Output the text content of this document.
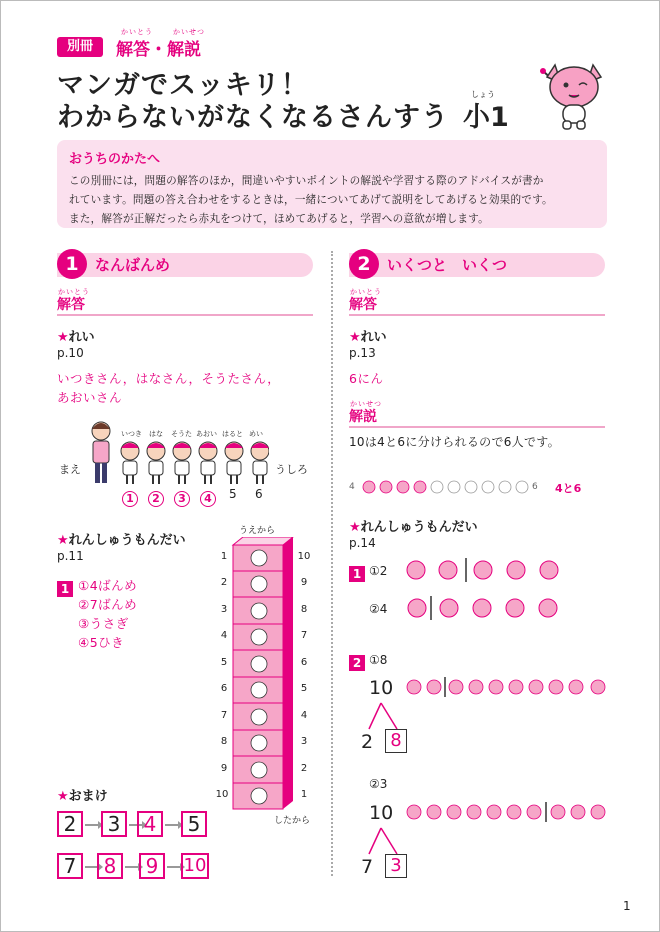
別冊
かいとう	かいせつ
解答・解説
マンガでスッキリ！
わからないがなくなるさんすう
しょう
小1
おうちのかたへ
この別冊には，問題の解答のほか，間違いやすいポイントの解説や学習する際のアドバイスが書か
れています。問題の答え合わせをするときは，一緒についてあげて説明をしてあげると効果的です。
また，解答が正解だったら赤丸をつけて，ほめてあげると，学習への意欲が増します。
1	なんばんめ
かいとう
解答
★れい
p.10
いつきさん，はなさん，そうたさん，
あおいさん
まえ	うしろ
いつき はな そうた あおい はると めい
1	2	3	4	5 6
★れんしゅうもんだい
p.11
1 ①4ばんめ
②7ばんめ
③うさぎ
④5ひき
うえから
したから
1
2
3
4
5
6
7
8
9
10
10
9
8
7
6
5
4
3
2
1
★おまけ
2	3	4	5
7	8	9	10
2	いくつと　いくつ
かいとう
解答
★れい
p.13
6にん
かいせつ
解説
10は4と6に分けられるので6人です。
4	6 4と6
★れんしゅうもんだい
p.14
1 ①2
②4
2 ①8
10
2 8
②3
10
7 3
1
